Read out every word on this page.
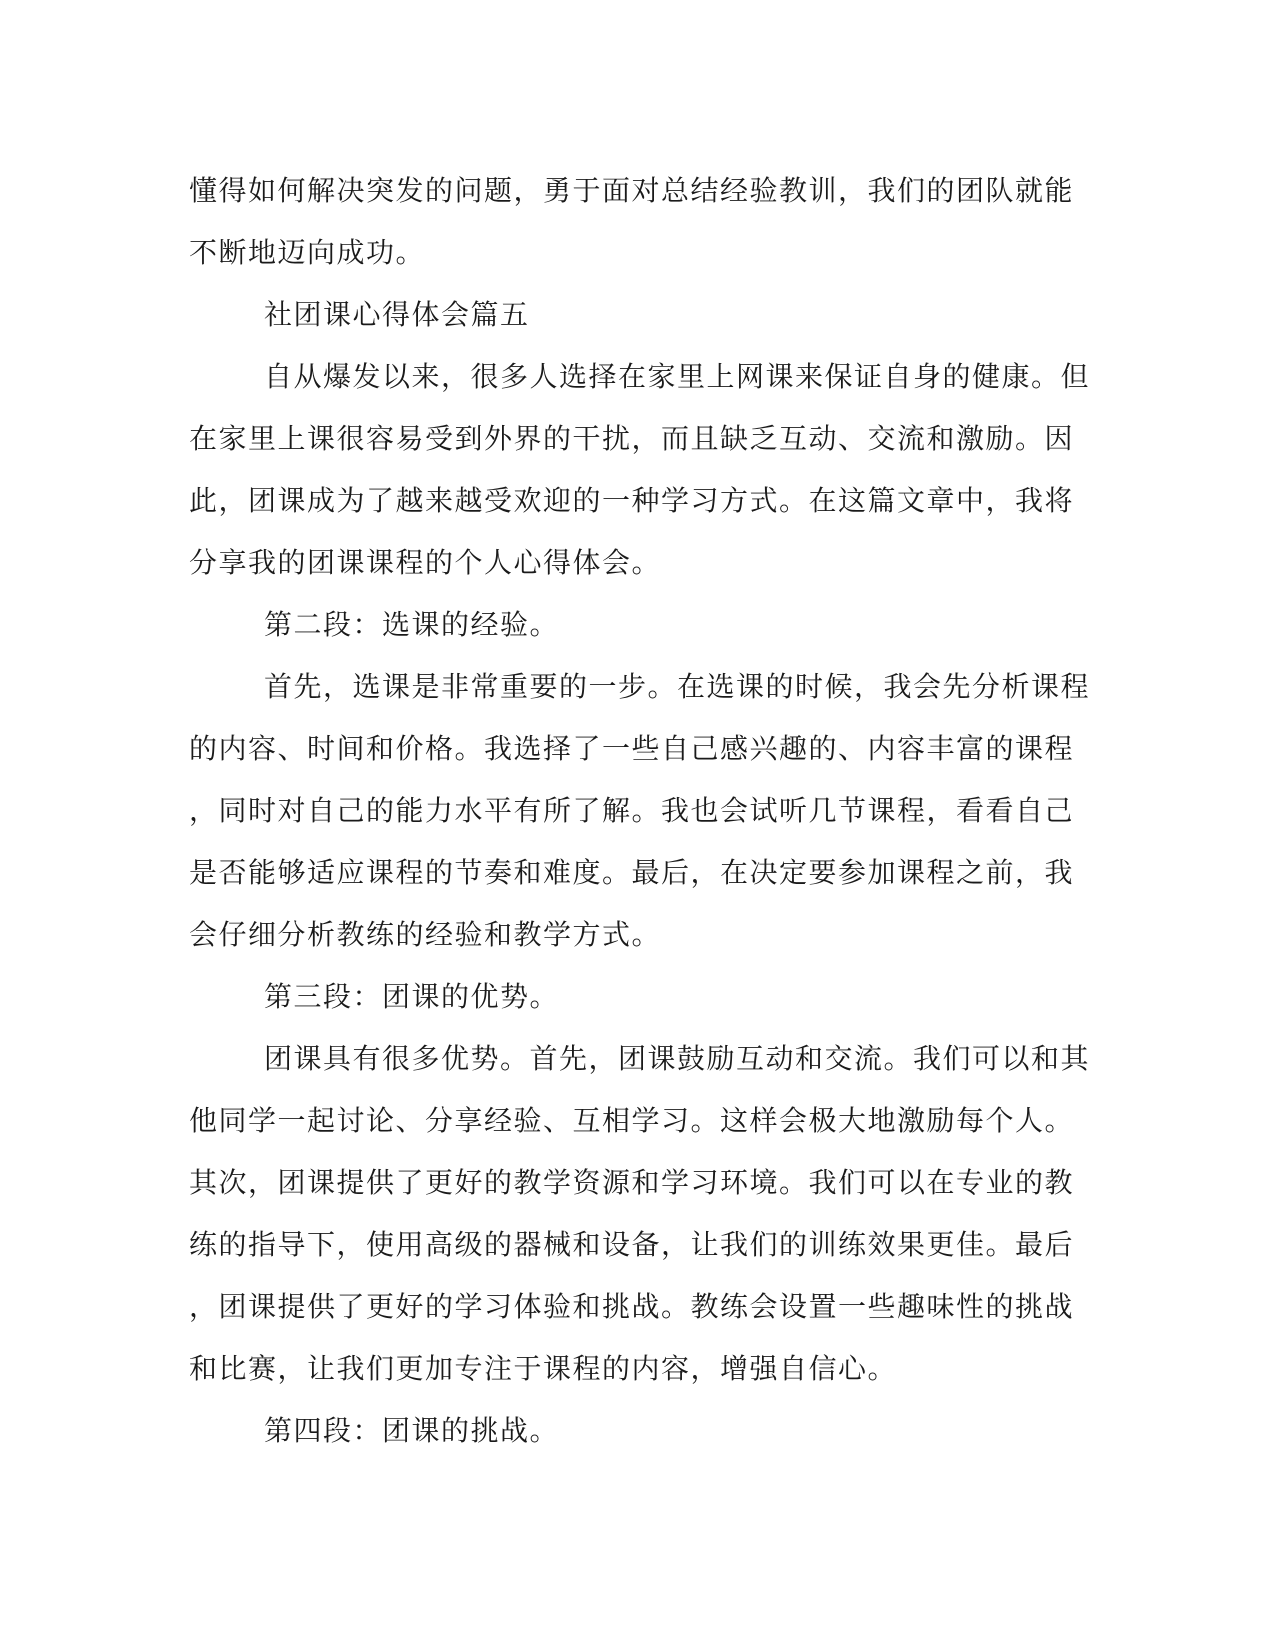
懂得如何解决突发的问题，勇于面对总结经验教训，我们的团队就能
不断地迈向成功。
社团课心得体会篇五
自从爆发以来，很多人选择在家里上网课来保证自身的健康。但
在家里上课很容易受到外界的干扰，而且缺乏互动、交流和激励。因
此，团课成为了越来越受欢迎的一种学习方式。在这篇文章中，我将
分享我的团课课程的个人心得体会。
第二段：选课的经验。
首先，选课是非常重要的一步。在选课的时候，我会先分析课程
的内容、时间和价格。我选择了一些自己感兴趣的、内容丰富的课程
，同时对自己的能力水平有所了解。我也会试听几节课程，看看自己
是否能够适应课程的节奏和难度。最后，在决定要参加课程之前，我
会仔细分析教练的经验和教学方式。
第三段：团课的优势。
团课具有很多优势。首先，团课鼓励互动和交流。我们可以和其
他同学一起讨论、分享经验、互相学习。这样会极大地激励每个人。
其次，团课提供了更好的教学资源和学习环境。我们可以在专业的教
练的指导下，使用高级的器械和设备，让我们的训练效果更佳。最后
，团课提供了更好的学习体验和挑战。教练会设置一些趣味性的挑战
和比赛，让我们更加专注于课程的内容，增强自信心。
第四段：团课的挑战。
